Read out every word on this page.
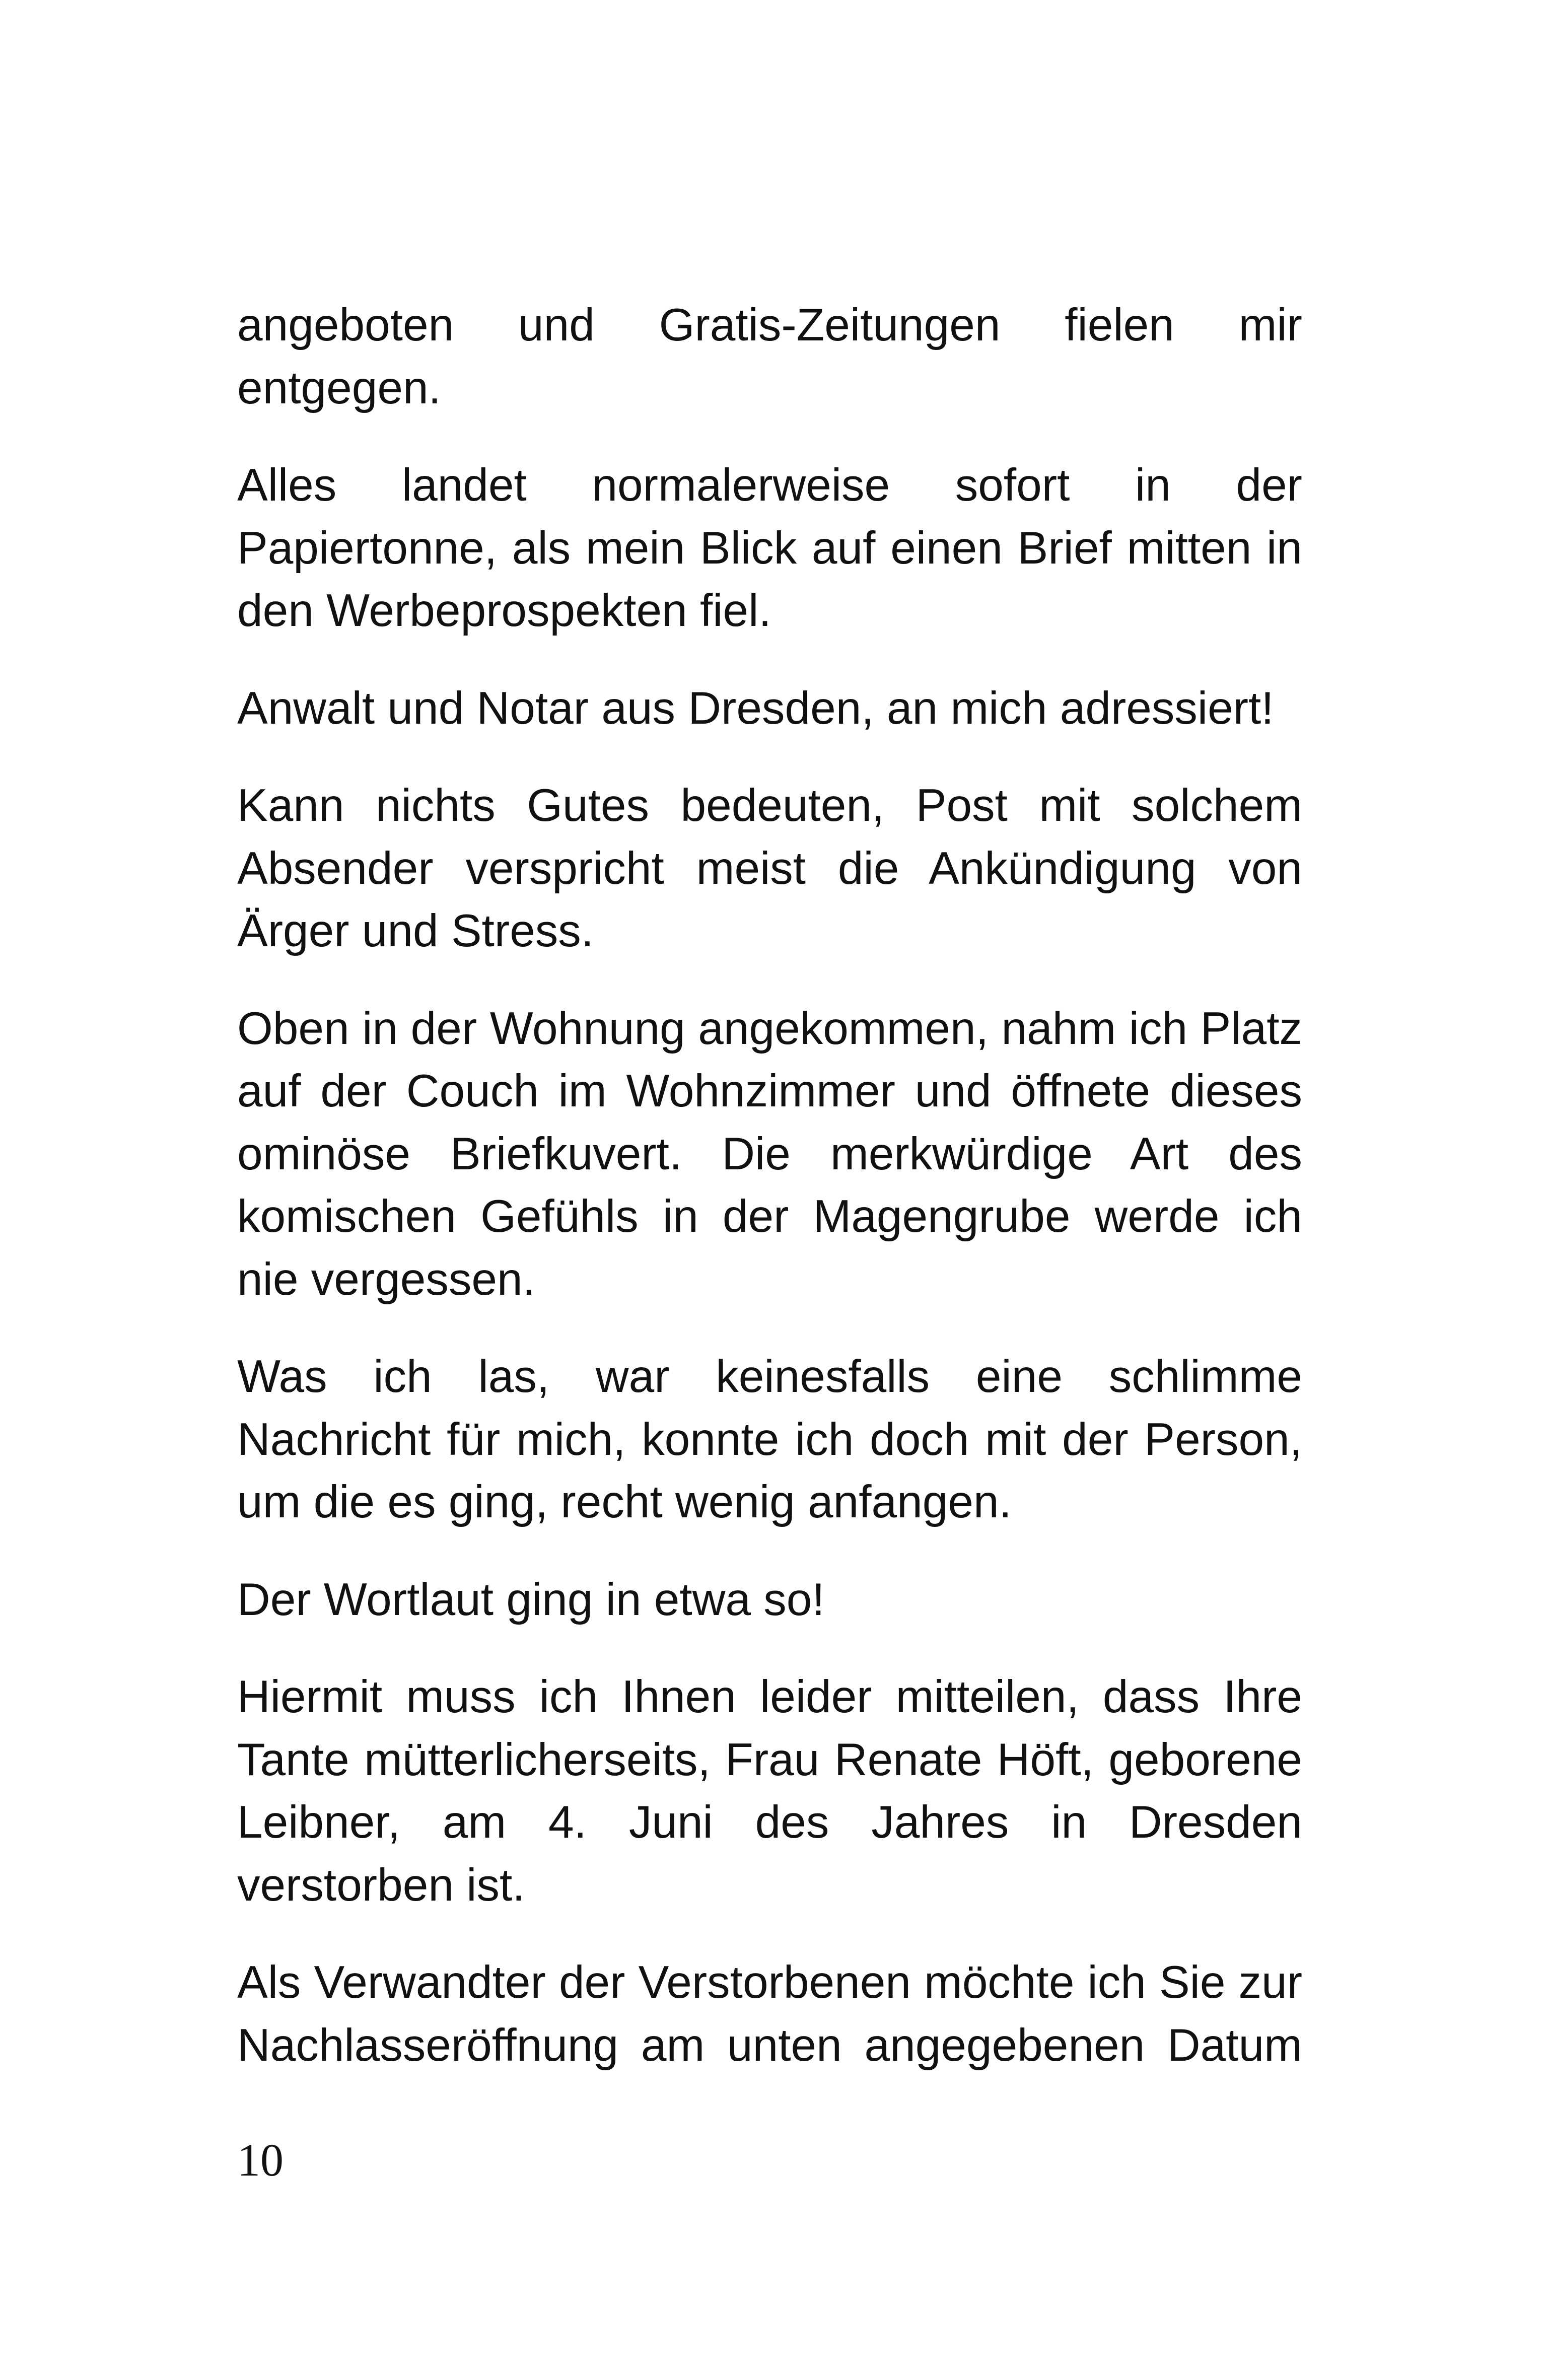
angeboten und Gratis-Zeitungen fielen mir entgegen.

Alles landet normalerweise sofort in der Papiertonne, als mein Blick auf einen Brief mitten in den Werbeprospekten fiel.

Anwalt und Notar aus Dresden, an mich adressiert!

Kann nichts Gutes bedeuten, Post mit solchem Absender verspricht meist die Ankündigung von Ärger und Stress.

Oben in der Wohnung angekommen, nahm ich Platz auf der Couch im Wohnzimmer und öffnete dieses ominöse Briefkuvert. Die merkwürdige Art des komischen Gefühls in der Magengrube werde ich nie vergessen.

Was ich las, war keinesfalls eine schlimme Nachricht für mich, konnte ich doch mit der Person, um die es ging, recht wenig anfangen.

Der Wortlaut ging in etwa so!

Hiermit muss ich Ihnen leider mitteilen, dass Ihre Tante mütterlicherseits, Frau Renate Höft, geborene Leibner, am 4. Juni des Jahres in Dresden verstorben ist.

Als Verwandter der Verstorbenen möchte ich Sie zur Nachlasseröffnung am unten angegebenen Datum

10
